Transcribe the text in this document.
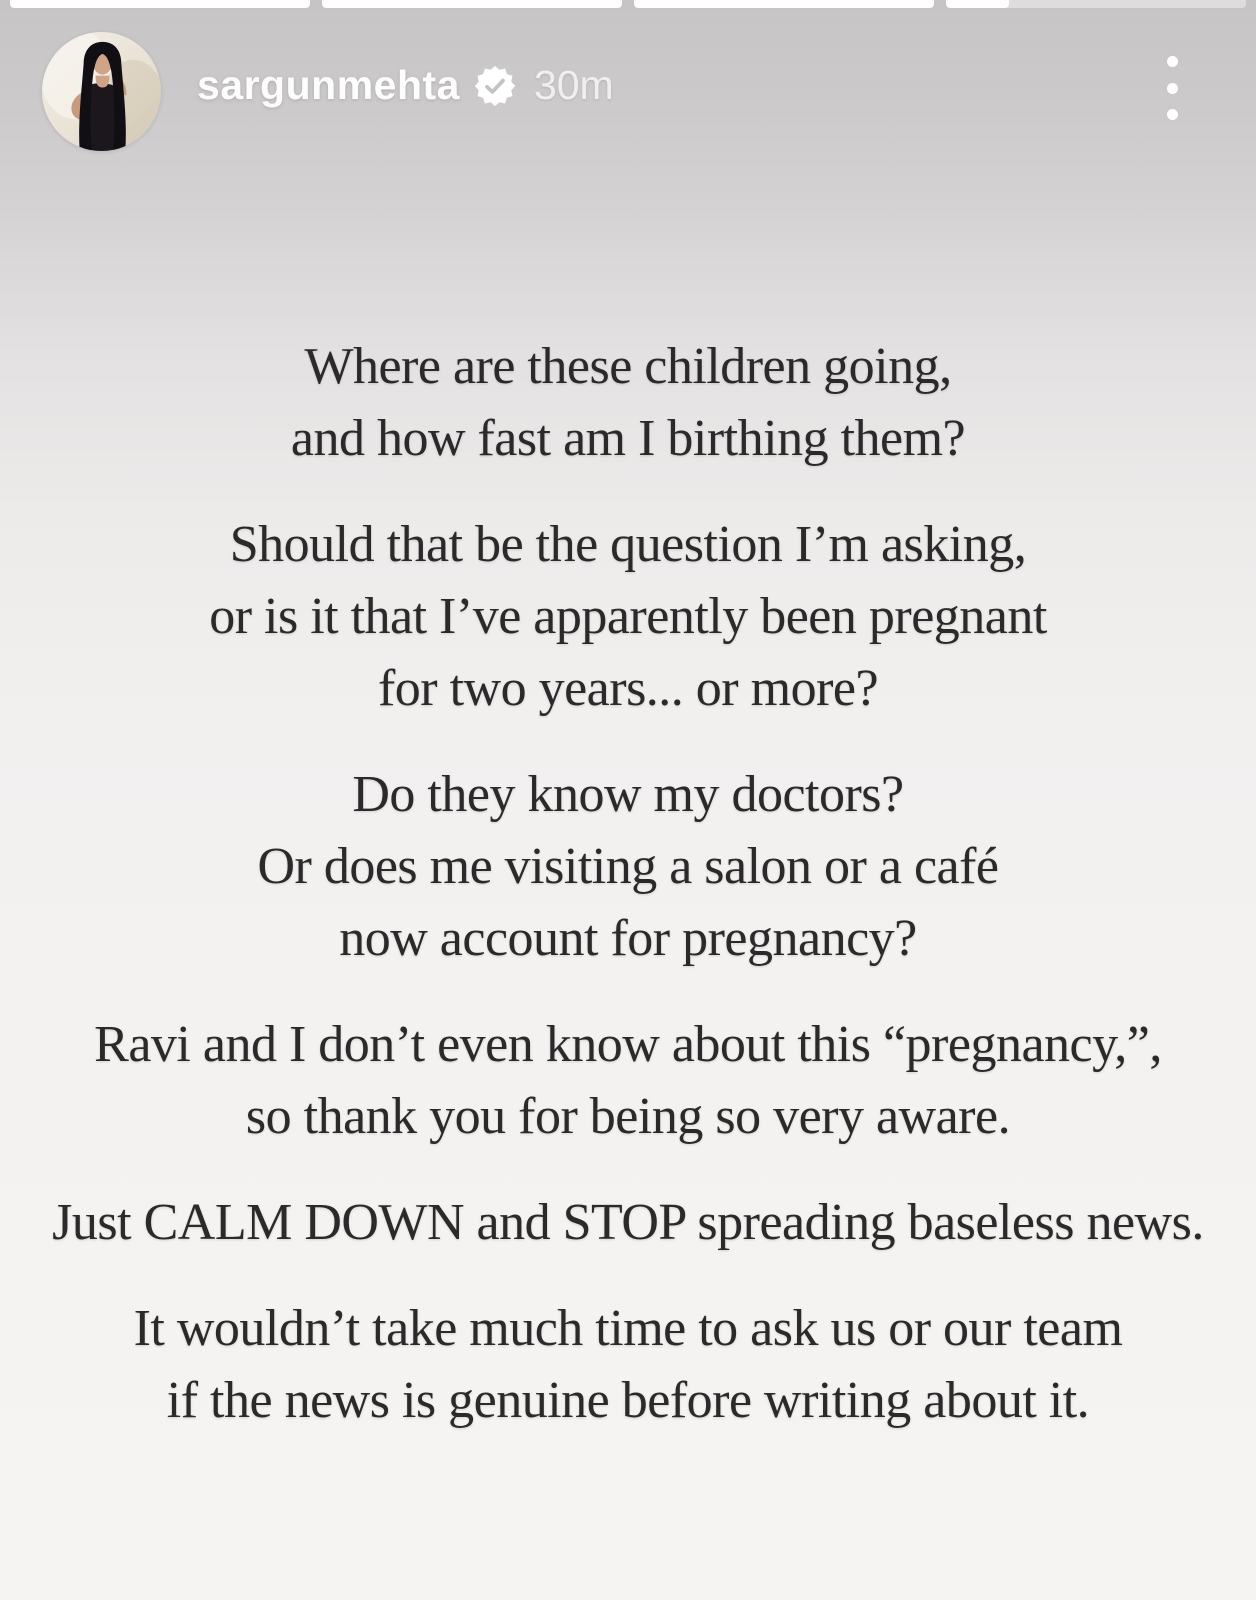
sargunmehta 30m
Where are these children going,
and how fast am I birthing them?
Should that be the question I’m asking,
or is it that I’ve apparently been pregnant
for two years... or more?
Do they know my doctors?
Or does me visiting a salon or a café
now account for pregnancy?
Ravi and I don’t even know about this “pregnancy,”,
so thank you for being so very aware.
Just CALM DOWN and STOP spreading baseless news.
It wouldn’t take much time to ask us or our team
if the news is genuine before writing about it.
